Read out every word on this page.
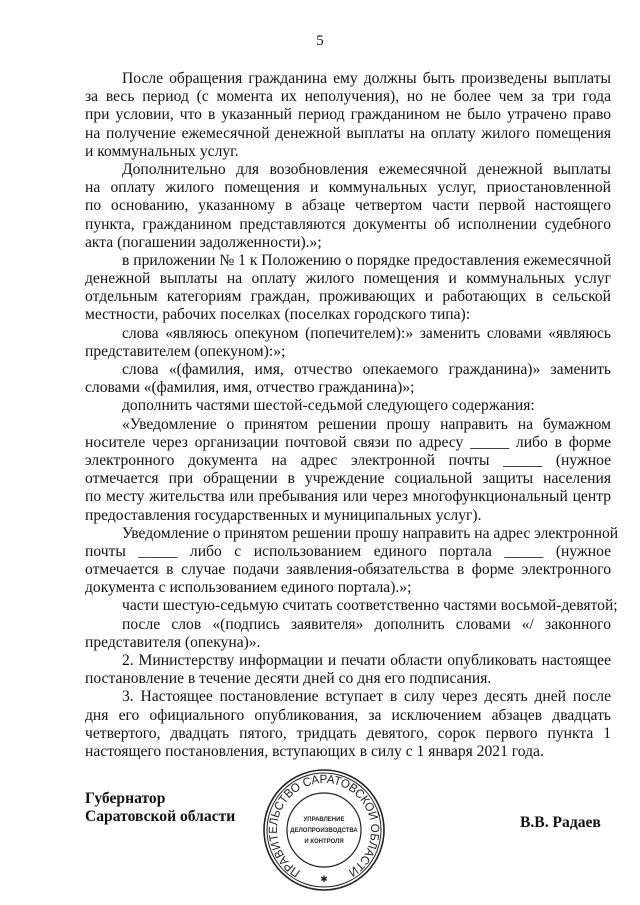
5
После обращения гражданина ему должны быть произведены выплаты
за весь период (с момента их неполучения), но не более чем за три года
при условии, что в указанный период гражданином не было утрачено право
на получение ежемесячной денежной выплаты на оплату жилого помещения
и коммунальных услуг.
Дополнительно для возобновления ежемесячной денежной выплаты
на оплату жилого помещения и коммунальных услуг, приостановленной
по основанию, указанному в абзаце четвертом части первой настоящего
пункта, гражданином представляются документы об исполнении судебного
акта (погашении задолженности).»;
в приложении № 1 к Положению о порядке предоставления ежемесячной
денежной выплаты на оплату жилого помещения и коммунальных услуг
отдельным категориям граждан, проживающих и работающих в сельской
местности, рабочих поселках (поселках городского типа):
слова «являюсь опекуном (попечителем):» заменить словами «являюсь
представителем (опекуном):»;
слова «(фамилия, имя, отчество опекаемого гражданина)» заменить
словами «(фамилия, имя, отчество гражданина)»;
дополнить частями шестой-седьмой следующего содержания:
«Уведомление о принятом решении прошу направить на бумажном
носителе через организации почтовой связи по адресу _____ либо в форме
электронного документа на адрес электронной почты _____ (нужное
отмечается при обращении в учреждение социальной защиты населения
по месту жительства или пребывания или через многофункциональный центр
предоставления государственных и муниципальных услуг).
Уведомление о принятом решении прошу направить на адрес электронной
почты _____ либо с использованием единого портала _____ (нужное
отмечается в случае подачи заявления-обязательства в форме электронного
документа с использованием единого портала).»;
части шестую-седьмую считать соответственно частями восьмой-девятой;
после слов «(подпись заявителя» дополнить словами «/ законного
представителя (опекуна)».
2. Министерству информации и печати области опубликовать настоящее
постановление в течение десяти дней со дня его подписания.
3. Настоящее постановление вступает в силу через десять дней после
дня его официального опубликования, за исключением абзацев двадцать
четвертого, двадцать пятого, тридцать девятого, сорок первого пункта 1
настоящего постановления, вступающих в силу с 1 января 2021 года.
Губернатор
Саратовской области	В.В. Радаев
ПРАВИТЕЛЬСТВО САРАТОВСКОЙ ОБЛАСТИ
УПРАВЛЕНИЕ
ДЕЛОПРОИЗВОДСТВА
И КОНТРОЛЯ
✱
